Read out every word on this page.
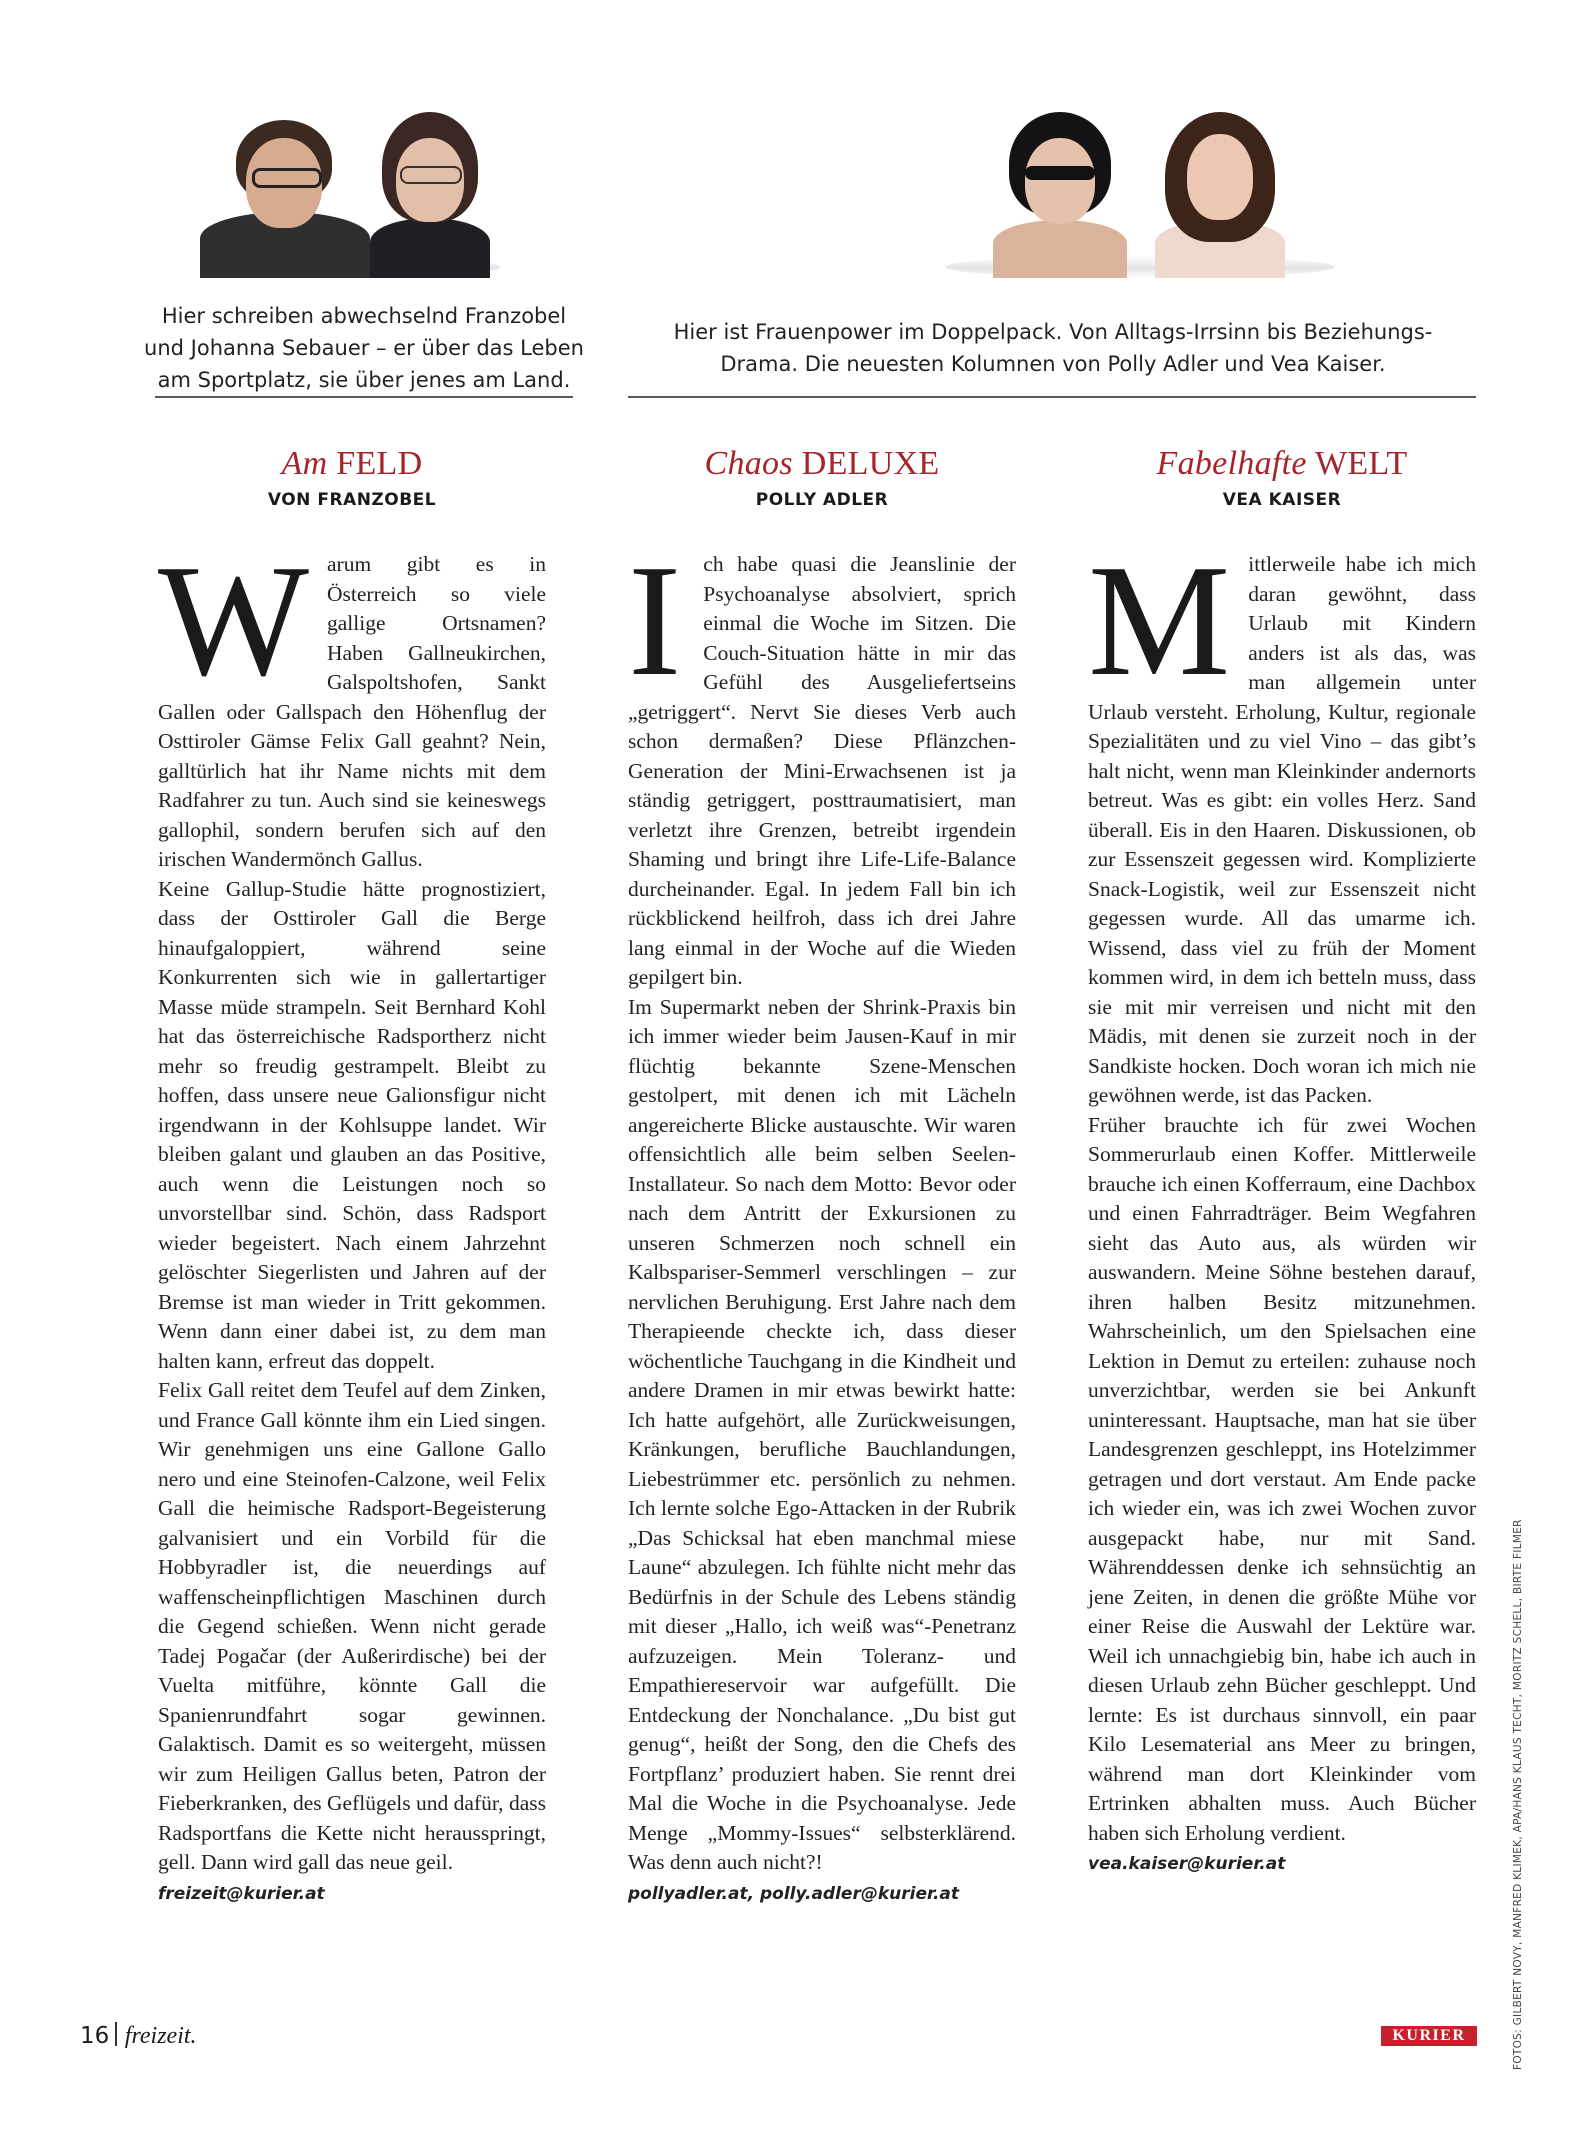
Hier schreiben abwechselnd Franzobel

und Johanna Sebauer – er über das Leben

am Sportplatz, sie über jenes am Land.

Hier ist Frauenpower im Doppelpack. Von Alltags-Irrsinn bis Beziehungs-

Drama. Die neuesten Kolumnen von Polly Adler und Vea Kaiser.

Am FELD
VON FRANZOBEL
Chaos DELUXE
POLLY ADLER
Fabelhafte WELT
VEA KAISER
W arum gibt es in Österreich so viele gallige Ortsnamen? Haben Gallneukirchen, Galspoltshofen, Sankt Gallen oder Gallspach den Höhenflug der Osttiroler Gämse Felix Gall geahnt? Nein, galltürlich hat ihr Name nichts mit dem Radfahrer zu tun. Auch sind sie keineswegs gallophil, sondern berufen sich auf den irischen Wandermönch Gallus.

Keine Gallup-Studie hätte prognostiziert, dass der Osttiroler Gall die Berge hinaufgaloppiert, während seine Konkurrenten sich wie in gallertartiger Masse müde strampeln. Seit Bernhard Kohl hat das österreichische Radsportherz nicht mehr so freudig gestrampelt. Bleibt zu hoffen, dass unsere neue Galionsfigur nicht irgendwann in der Kohlsuppe landet. Wir bleiben galant und glauben an das Positive, auch wenn die Leistungen noch so unvorstellbar sind. Schön, dass Radsport wieder begeistert. Nach einem Jahrzehnt gelöschter Siegerlisten und Jahren auf der Bremse ist man wieder in Tritt gekommen. Wenn dann einer dabei ist, zu dem man halten kann, erfreut das doppelt.

Felix Gall reitet dem Teufel auf dem Zinken, und France Gall könnte ihm ein Lied singen. Wir genehmigen uns eine Gallone Gallo nero und eine Steinofen-Calzone, weil Felix Gall die heimische Radsport-Begeisterung galvanisiert und ein Vorbild für die Hobbyradler ist, die neuerdings auf waffenscheinpflichtigen Maschinen durch die Gegend schießen. Wenn nicht gerade Tadej Pogačar (der Außerirdische) bei der Vuelta mitführe, könnte Gall die Spanienrundfahrt sogar gewinnen. Galaktisch. Damit es so weitergeht, müssen wir zum Heiligen Gallus beten, Patron der Fieberkranken, des Geflügels und dafür, dass Radsportfans die Kette nicht herausspringt, gell. Dann wird gall das neue geil.

freizeit@kurier.at
I	ch habe quasi die Jeanslinie der Psychoanalyse absolviert, sprich einmal die Woche im Sitzen. Die Couch-Situation hätte in mir das Gefühl des Ausgeliefertseins „getriggert“. Nervt Sie dieses Verb auch schon dermaßen? Diese Pflänzchen-Generation der Mini-Erwachsenen ist ja ständig getriggert, posttraumatisiert, man verletzt ihre Grenzen, betreibt irgendein Shaming und bringt ihre Life-Life-Balance durcheinander. Egal. In jedem Fall bin ich rückblickend heilfroh, dass ich drei Jahre lang einmal in der Woche auf die Wieden gepilgert bin.

Im Supermarkt neben der Shrink-Praxis bin ich immer wieder beim Jausen-Kauf in mir flüchtig bekannte Szene-Menschen gestolpert, mit denen ich mit Lächeln angereicherte Blicke austauschte. Wir waren offensichtlich alle beim selben Seelen-Installateur. So nach dem Motto: Bevor oder nach dem Antritt der Exkursionen zu unseren Schmerzen noch schnell ein Kalbspariser-Semmerl verschlingen – zur nervlichen Beruhigung. Erst Jahre nach dem Therapieende checkte ich, dass dieser wöchentliche Tauchgang in die Kindheit und andere Dramen in mir etwas bewirkt hatte: Ich hatte aufgehört, alle Zurückweisungen, Kränkungen, berufliche Bauchlandungen, Liebestrümmer etc. persönlich zu nehmen. Ich lernte solche Ego-Attacken in der Rubrik „Das Schicksal hat eben manchmal miese Laune“ abzulegen. Ich fühlte nicht mehr das Bedürfnis in der Schule des Lebens ständig mit dieser „Hallo, ich weiß was“-Penetranz aufzuzeigen. Mein Toleranz- und Empathiereservoir war aufgefüllt. Die Entdeckung der Nonchalance. „Du bist gut genug“, heißt der Song, den die Chefs des Fortpflanz’ produziert haben. Sie rennt drei Mal die Woche in die Psychoanalyse. Jede Menge „Mommy-Issues“ selbsterklärend. Was denn auch nicht?!

pollyadler.at, polly.adler@kurier.at
M ittlerweile habe ich mich daran gewöhnt, dass Urlaub mit Kindern anders ist als das, was man allgemein unter Urlaub versteht. Erholung, Kultur, regionale Spezialitäten und zu viel Vino – das gibt’s halt nicht, wenn man Kleinkinder andernorts betreut. Was es gibt: ein volles Herz. Sand überall. Eis in den Haaren. Diskussionen, ob zur Essenszeit gegessen wird. Komplizierte Snack-Logistik, weil zur Essenszeit nicht gegessen wurde. All das umarme ich. Wissend, dass viel zu früh der Moment kommen wird, in dem ich betteln muss, dass sie mit mir verreisen und nicht mit den Mädis, mit denen sie zurzeit noch in der Sandkiste hocken. Doch woran ich mich nie gewöhnen werde, ist das Packen.

Früher brauchte ich für zwei Wochen Sommerurlaub einen Koffer. Mittlerweile brauche ich einen Kofferraum, eine Dachbox und einen Fahrradträger. Beim Wegfahren sieht das Auto aus, als würden wir auswandern. Meine Söhne bestehen darauf, ihren halben Besitz mitzunehmen. Wahrscheinlich, um den Spielsachen eine Lektion in Demut zu erteilen: zuhause noch unverzichtbar, werden sie bei Ankunft uninteressant. Hauptsache, man hat sie über Landesgrenzen geschleppt, ins Hotelzimmer getragen und dort verstaut. Am Ende packe ich wieder ein, was ich zwei Wochen zuvor ausgepackt habe, nur mit Sand. Währenddessen denke ich sehnsüchtig an jene Zeiten, in denen die größte Mühe vor einer Reise die Auswahl der Lektüre war. Weil ich unnachgiebig bin, habe ich auch in diesen Urlaub zehn Bücher geschleppt. Und lernte: Es ist durchaus sinnvoll, ein paar Kilo Lesematerial ans Meer zu bringen, während man dort Kleinkinder vom Ertrinken abhalten muss. Auch Bücher haben sich Erholung verdient.

vea.kaiser@kurier.at	FOTOS: GILBERT NOVY, MANFRED KLIMEK, APA/HANS KLAUS TECHT, MORITZ SCHELL, BIRTE FILMER
16 freizeit.	KURIER
